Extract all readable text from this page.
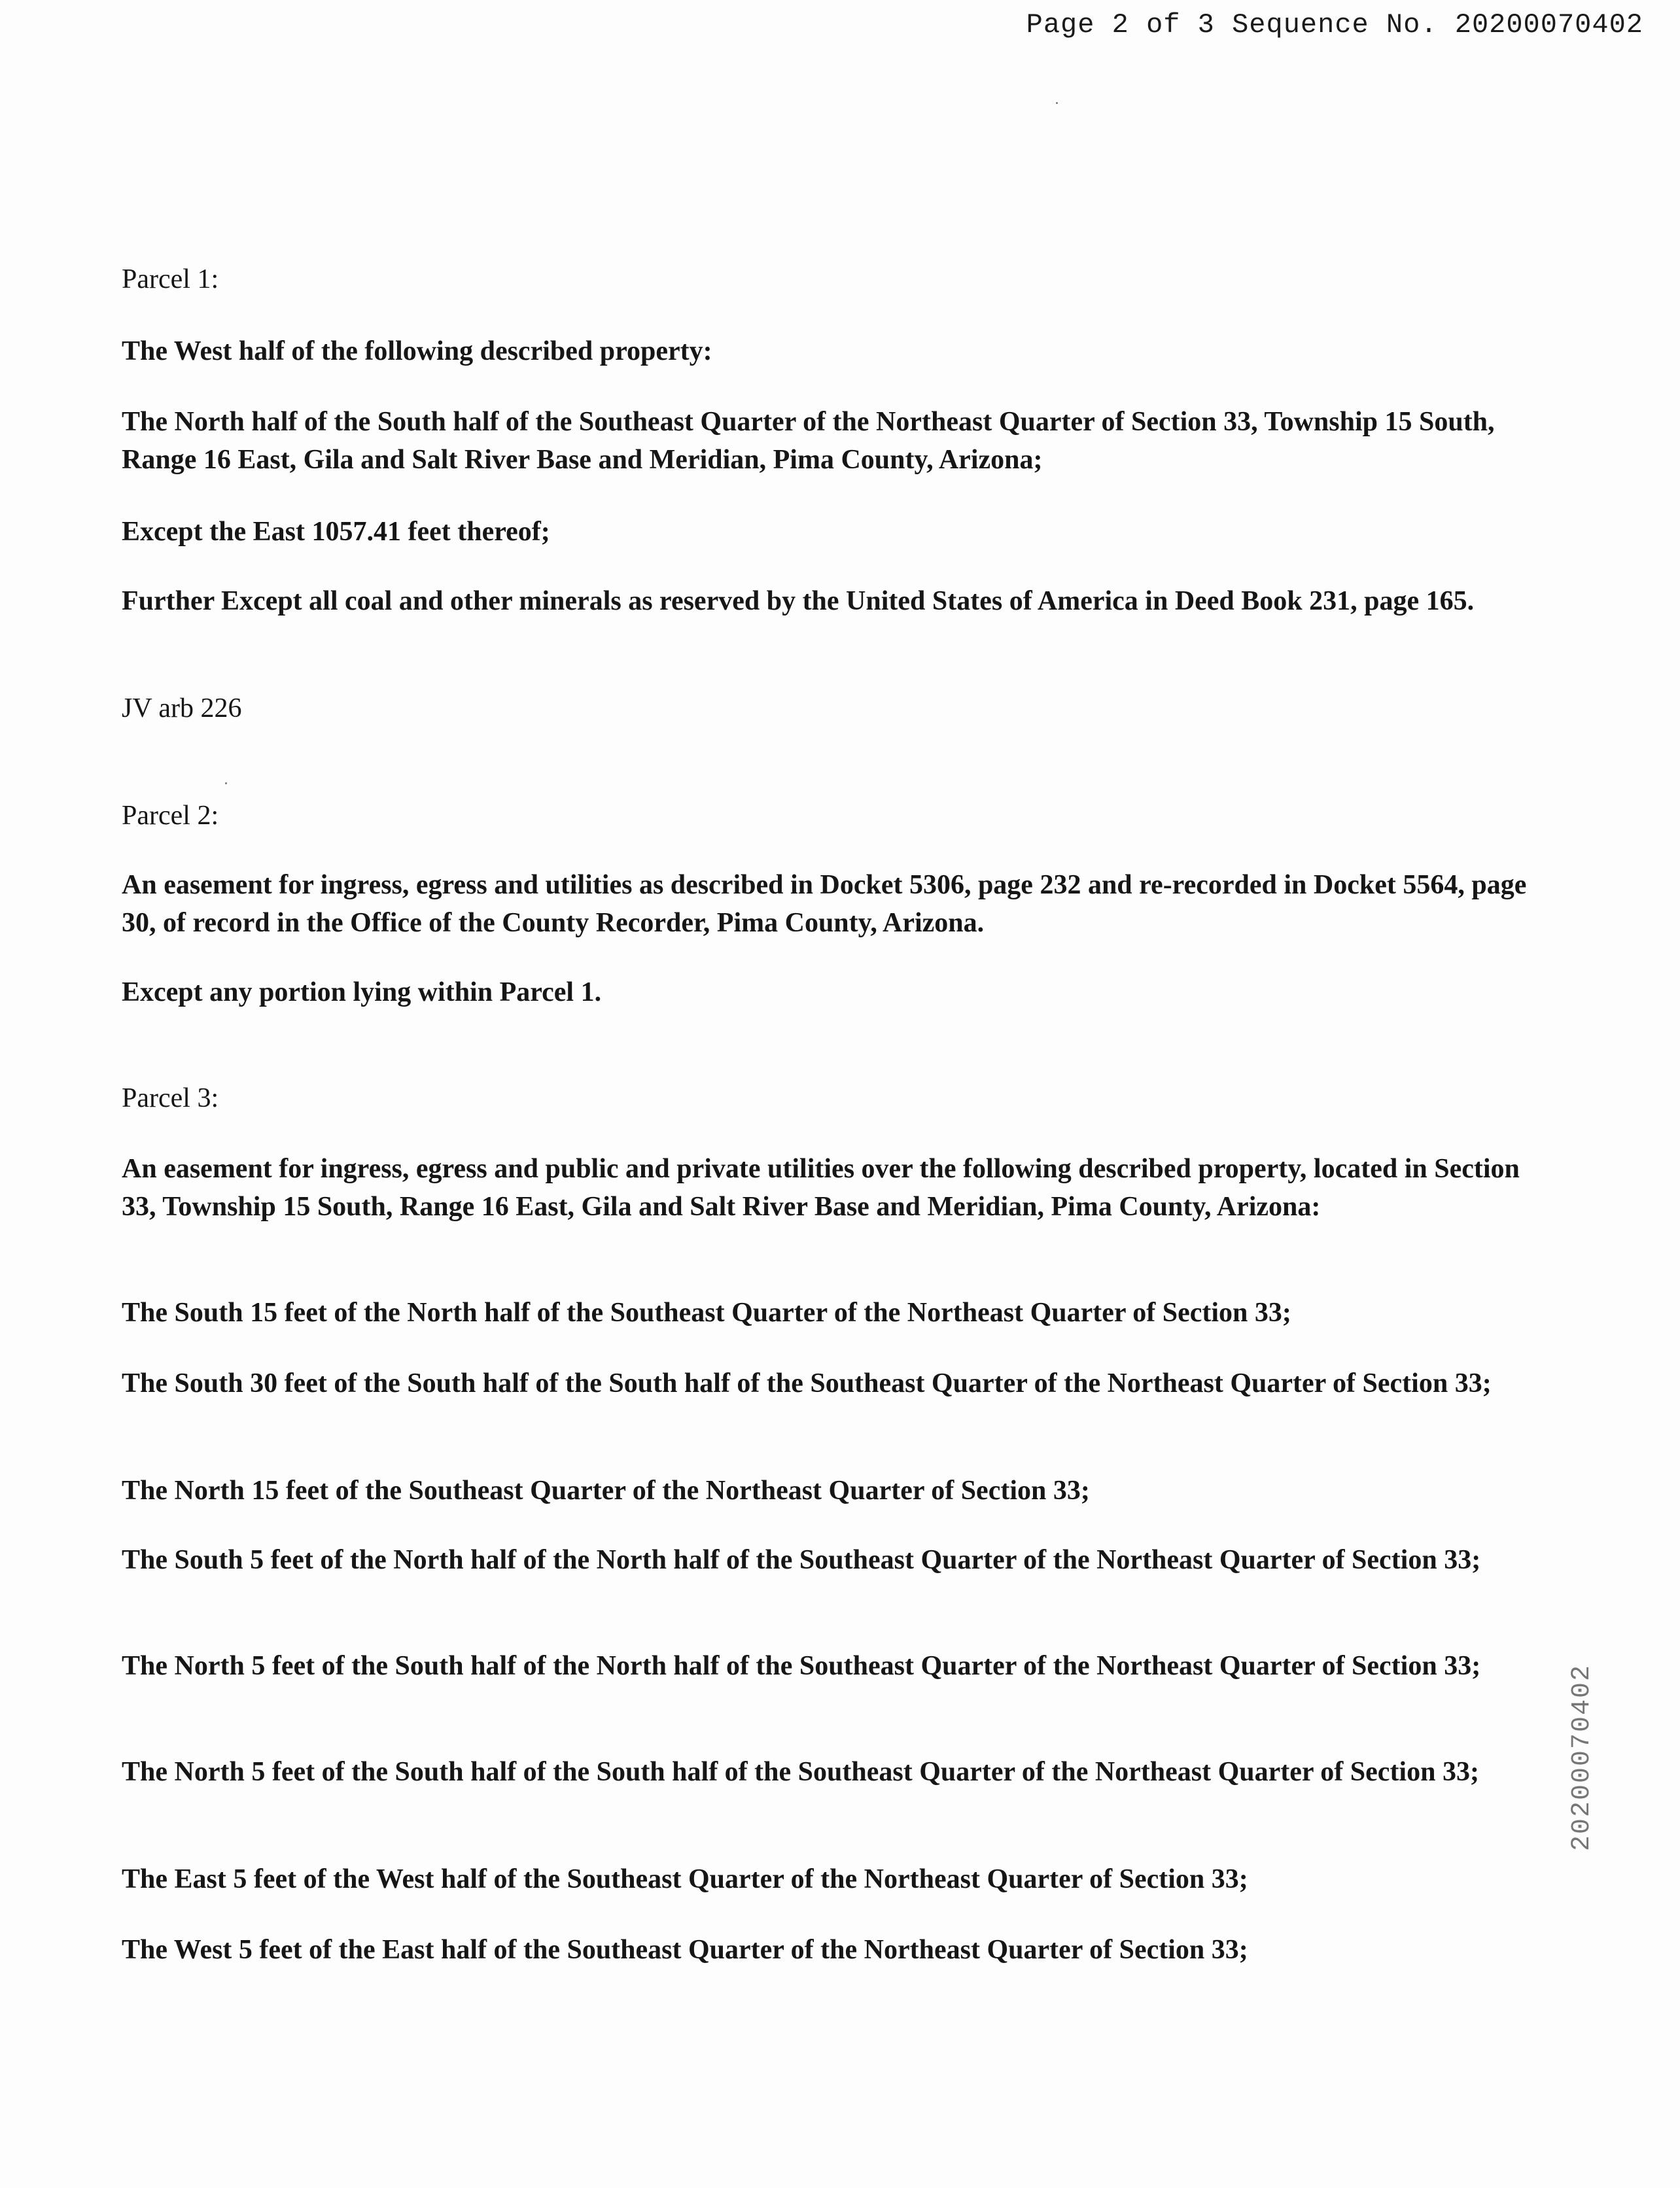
Page 2 of 3 Sequence No. 20200070402

Parcel 1:

The West half of the following described property:

The North half of the South half of the Southeast Quarter of the Northeast Quarter of Section 33, Township 15 South, Range 16 East, Gila and Salt River Base and Meridian, Pima County, Arizona;

Except the East 1057.41 feet thereof;

Further Except all coal and other minerals as reserved by the United States of America in Deed Book 231, page 165.

JV arb 226

Parcel 2:

An easement for ingress, egress and utilities as described in Docket 5306, page 232 and re-recorded in Docket 5564, page 30, of record in the Office of the County Recorder, Pima County, Arizona.

Except any portion lying within Parcel 1.

Parcel 3:

An easement for ingress, egress and public and private utilities over the following described property, located in Section 33, Township 15 South, Range 16 East, Gila and Salt River Base and Meridian, Pima County, Arizona:

The South 15 feet of the North half of the Southeast Quarter of the Northeast Quarter of Section 33;

The South 30 feet of the South half of the South half of the Southeast Quarter of the Northeast Quarter of Section 33;

The North 15 feet of the Southeast Quarter of the Northeast Quarter of Section 33;

The South 5 feet of the North half of the North half of the Southeast Quarter of the Northeast Quarter of Section 33;

The North 5 feet of the South half of the North half of the Southeast Quarter of the Northeast Quarter of Section 33;

The North 5 feet of the South half of the South half of the Southeast Quarter of the Northeast Quarter of Section 33;

The East 5 feet of the West half of the Southeast Quarter of the Northeast Quarter of Section 33;

The West 5 feet of the East half of the Southeast Quarter of the Northeast Quarter of Section 33;

20200070402
